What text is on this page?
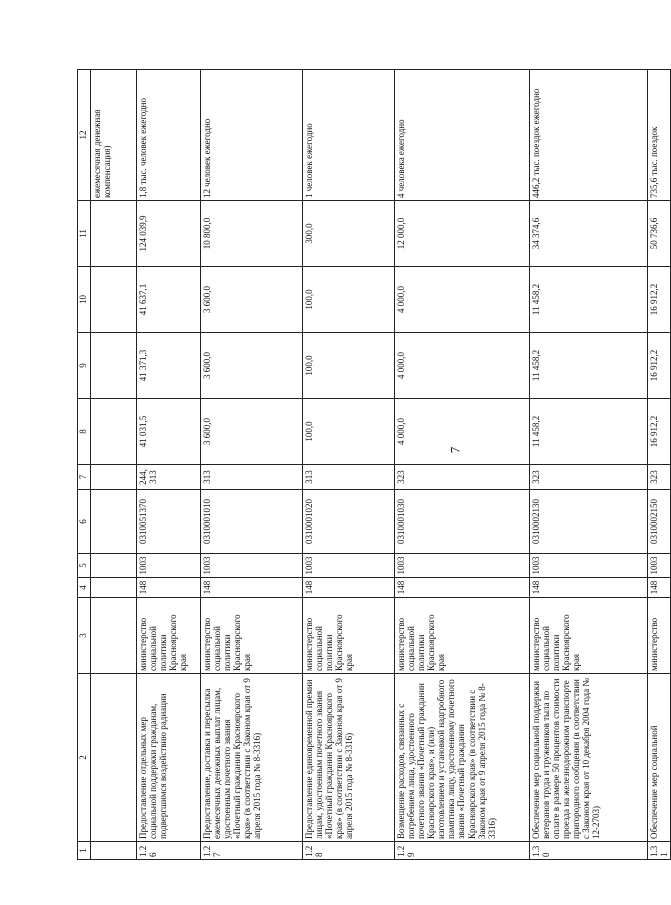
7
1	2	3	4	5	6	7	8	9	10	11	12
											ежемесячная денежная компенсация)
1.26	Предоставление отдельных мер социальной поддержки гражданам, подвергшимся воздействию радиации	министерство социальной политики Красноярского края	148	1003	0310051370	244, 313	41 031,5	41 371,3	41 637,1	124 039,9	1,8 тыс. человек ежегодно
1.27	Предоставление, доставка и пересылка ежемесячных денежных выплат лицам, удостоенным почетного звания «Почетный гражданин Красноярского края» (в соответствии с Законом края от 9 апреля 2015 года № 8-3316)	министерство социальной политики Красноярского края	148	1003	0310001010	313	3 600,0	3 600,0	3 600,0	10 800,0	12 человек ежегодно
1.28	Предоставление единовременной премии лицам, удостоенным почетного звания «Почетный гражданин Красноярского края» (в соответствии с Законом края от 9 апреля 2015 года № 8-3316)	министерство социальной политики Красноярского края	148	1003	0310001020	313	100,0	100,0	100,0	300,0	1 человек ежегодно
1.29	Возмещение расходов, связанных с погребением лица, удостоенного почетного звания «Почетный гражданин Красноярского края», и (или) изготовлением и установкой надгробного памятника лицу, удостоенному почетного звания «Почетный гражданин Красноярского края» (в соответствии с Законом края от 9 апреля 2015 года № 8-3316)	министерство социальной политики Красноярского края	148	1003	0310001030	323	4 000,0	4 000,0	4 000,0	12 000,0	4 человека ежегодно
1.30	Обеспечение мер социальной поддержки ветеранов труда и тружеников тыла по оплате в размере 50 процентов стоимости проезда на железнодорожном транспорте пригородного сообщения (в соответствии с Законом края от 10 декабря 2004 года № 12-2703)	министерство социальной политики Красноярского края	148	1003	0310002130	323	11 458,2	11 458,2	11 458,2	34 374,6	446,2 тыс. поездок ежегодно
1.31	Обеспечение мер социальной	министерство	148	1003	0310002150	323	16 912,2	16 912,2	16 912,2	50 736,6	735,6 тыс. поездок
